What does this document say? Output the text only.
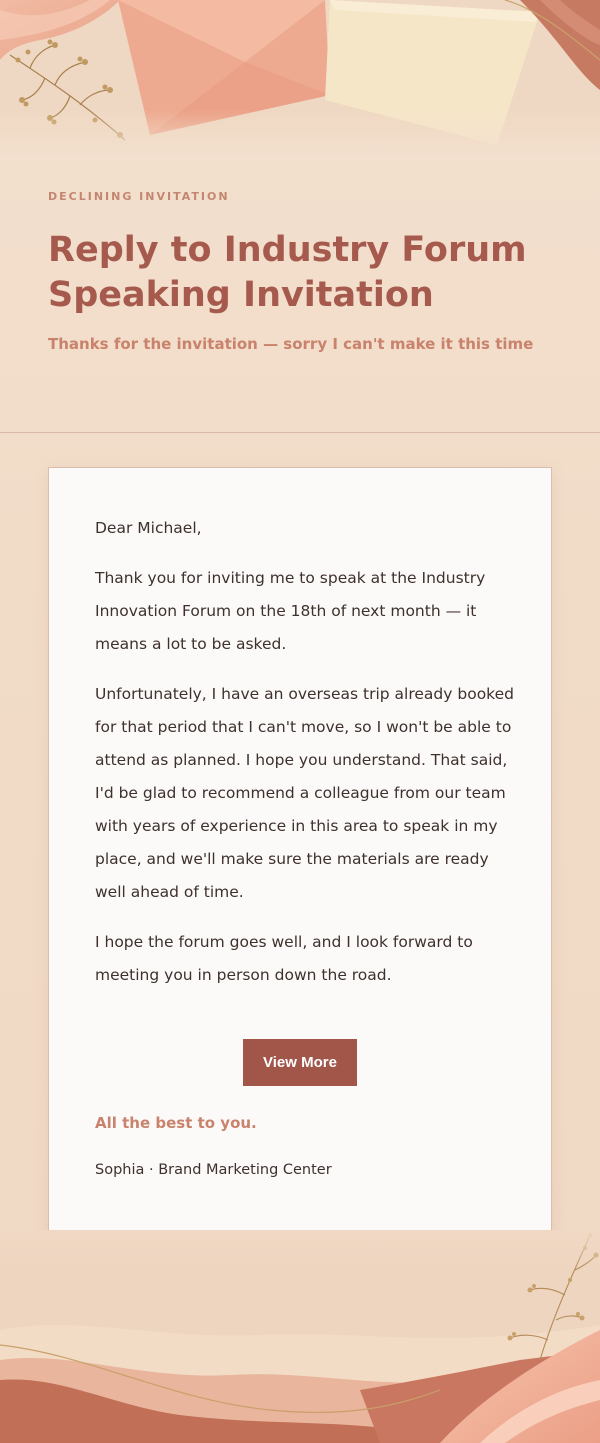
DECLINING INVITATION
Reply to Industry Forum Speaking Invitation
Thanks for the invitation — sorry I can't make it this time

Dear Michael,

Thank you for inviting me to speak at the Industry Innovation Forum on the 18th of next month — it means a lot to be asked.

Unfortunately, I have an overseas trip already booked for that period that I can't move, so I won't be able to attend as planned. I hope you understand. That said, I'd be glad to recommend a colleague from our team with years of experience in this area to speak in my place, and we'll make sure the materials are ready well ahead of time.

I hope the forum goes well, and I look forward to meeting you in person down the road.

View More
All the best to you.
Sophia · Brand Marketing Center
